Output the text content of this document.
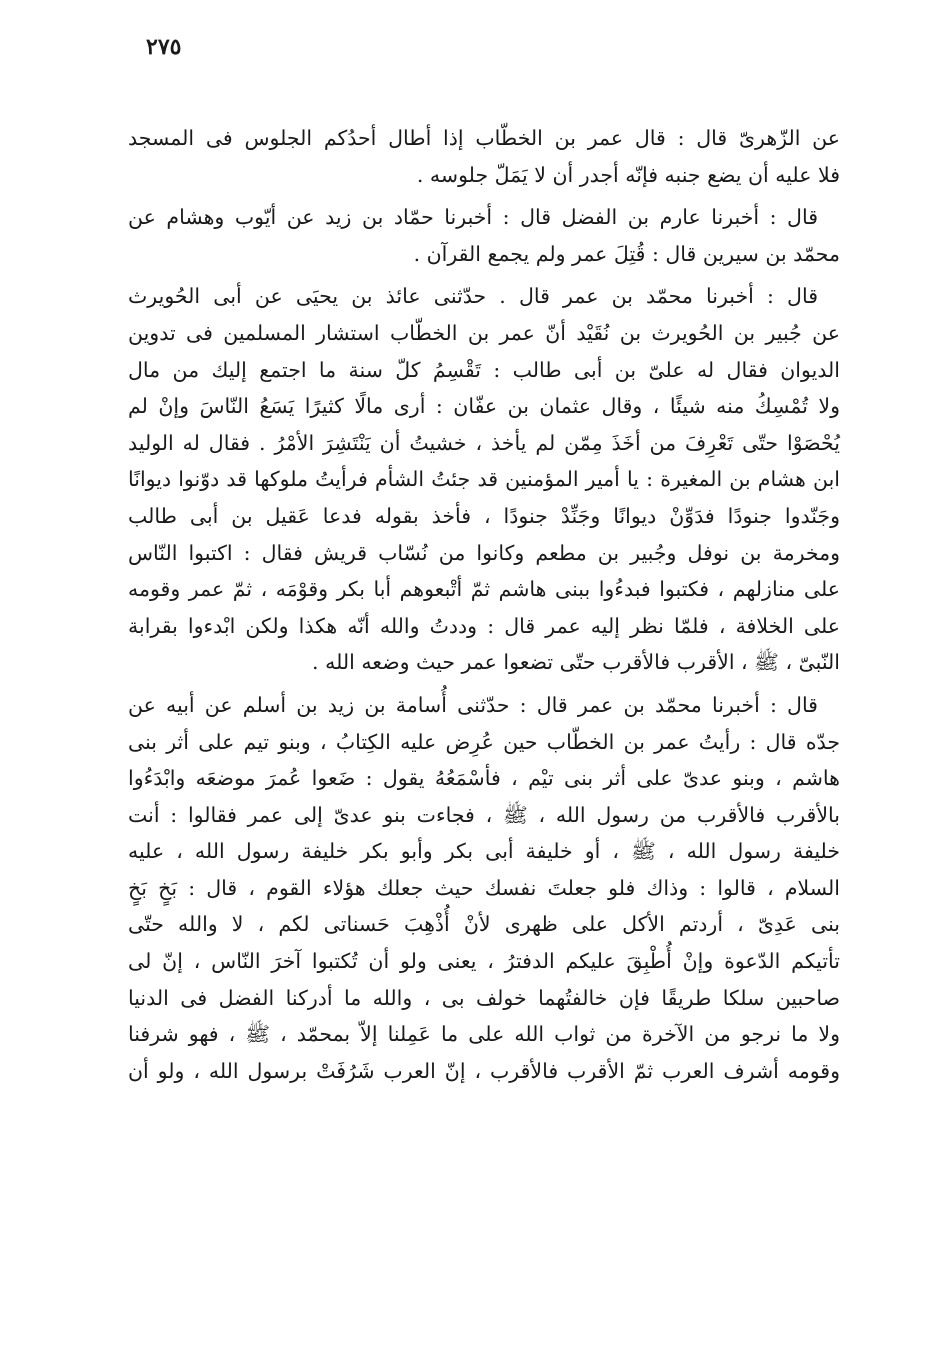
٢٧٥
عن الزّهرىّ قال : قال عمر بن الخطّاب إذا أطال أحدُكم الجلوس فى المسجد
فلا عليه أن يضع جنبه فإنّه أجدر أن لا يَمَلّ جلوسه .
قال : أخبرنا عارم بن الفضل قال : أخبرنا حمّاد بن زيد عن أيّوب وهشام عن
محمّد بن سيرين قال : قُتِلَ عمر ولم يجمع القرآن .
قال : أخبرنا محمّد بن عمر قال . حدّثنى عائذ بن يحيَى عن أبى الحُويرث
عن جُبير بن الحُويرث بن نُقَيْد أنّ عمر بن الخطّاب استشار المسلمين فى تدوين
الديوان فقال له علىّ بن أبى طالب : تَقْسِمُ كلّ سنة ما اجتمع إليك من مال
ولا تُمْسِكُ منه شيئًا ، وقال عثمان بن عفّان : أرى مالًا كثيرًا يَسَعُ النّاسَ وإنْ لم
يُحْصَوْا حتّى تَعْرِفَ من أخَذَ مِمّن لم يأخذ ، خشيتُ أن يَنْتَشِرَ الأمْرُ . فقال له الوليد
ابن هشام بن المغيرة : يا أمير المؤمنين قد جئتُ الشأم فرأيتُ ملوكها قد دوّنوا ديوانًا
وجَنّدوا جنودًا فدَوِّنْ ديوانًا وجَنِّدْ جنودًا ، فأخذ بقوله فدعا عَقيل بن أبى طالب
ومخرمة بن نوفل وجُبير بن مطعم وكانوا من نُسّاب قريش فقال : اكتبوا النّاس
على منازلهم ، فكتبوا فبدءُوا ببنى هاشم ثمّ أتْبعوهم أبا بكر وقوْمَه ، ثمّ عمر وقومه
على الخلافة ، فلمّا نظر إليه عمر قال : وددتُ والله أنّه هكذا ولكن ابْدءوا بقرابة
النّبىّ ، ﷺ ، الأقرب فالأقرب حتّى تضعوا عمر حيث وضعه الله .
قال : أخبرنا محمّد بن عمر قال : حدّثنى أُسامة بن زيد بن أسلم عن أبيه عن
جدّه قال : رأيتُ عمر بن الخطّاب حين عُرِض عليه الكِتابُ ، وبنو تيم على أثر بنى
هاشم ، وبنو عدىّ على أثر بنى تيْم ، فأسْمَعُهُ يقول : ضَعوا عُمرَ موضعَه وابْدَءُوا
بالأقرب فالأقرب من رسول الله ، ﷺ ، فجاءت بنو عدىّ إلى عمر فقالوا : أنت
خليفة رسول الله ، ﷺ ، أو خليفة أبى بكر وأبو بكر خليفة رسول الله ، عليه
السلام ، قالوا : وذاك فلو جعلتَ نفسك حيث جعلك هؤلاء القوم ، قال : بَخٍ بَخٍ
بنى عَدِىّ ، أردتم الأكل على ظهرى لأنْ أُذْهِبَ حَسناتى لكم ، لا والله حتّى
تأتيكم الدّعوة وإنْ أُطْبِقَ عليكم الدفترُ ، يعنى ولو أن تُكتبوا آخرَ النّاس ، إنّ لى
صاحبين سلكا طريقًا فإن خالفتُهما خولف بى ، والله ما أدركنا الفضل فى الدنيا
ولا ما نرجو من الآخرة من ثواب الله على ما عَمِلنا إلاّ بمحمّد ، ﷺ ، فهو شرفنا
وقومه أشرف العرب ثمّ الأقرب فالأقرب ، إنّ العرب شَرُفَتْ برسول الله ، ولو أن
